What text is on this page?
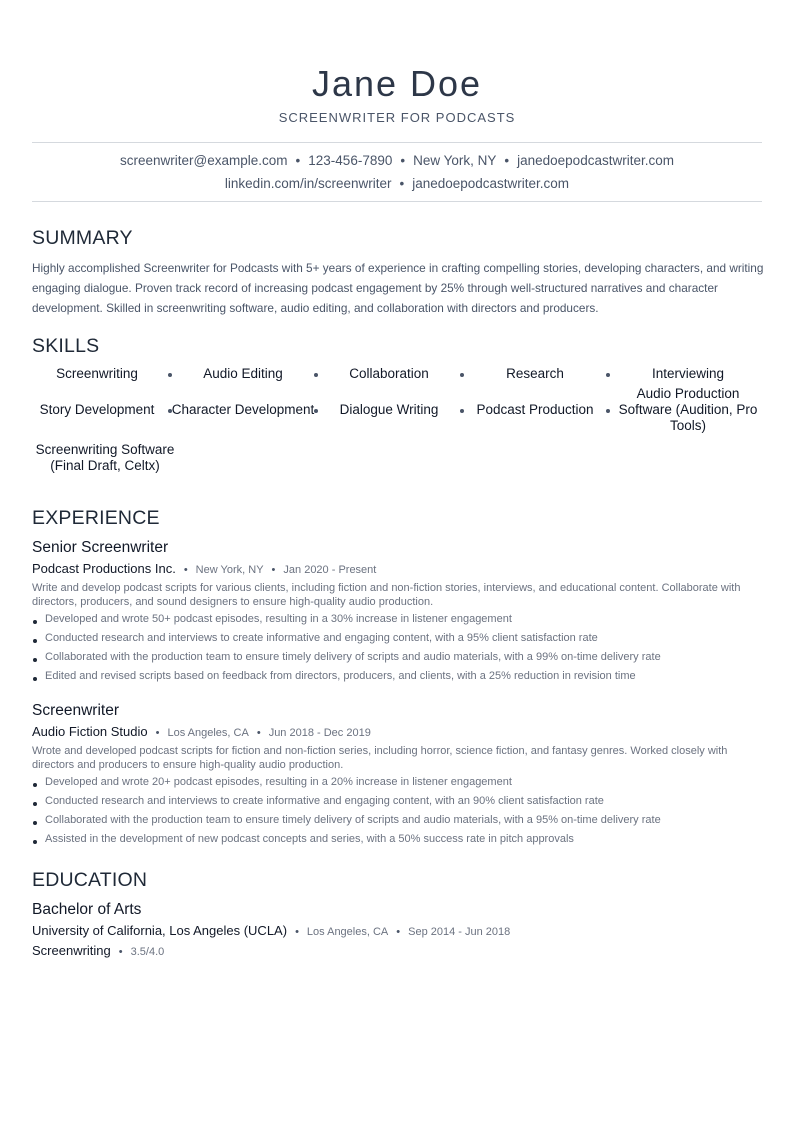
Jane Doe
SCREENWRITER FOR PODCASTS
screenwriter@example.com • 123-456-7890 • New York, NY • janedoepodcastwriter.com
linkedin.com/in/screenwriter • janedoepodcastwriter.com
SUMMARY
Highly accomplished Screenwriter for Podcasts with 5+ years of experience in crafting compelling stories, developing characters, and writing engaging dialogue. Proven track record of increasing podcast engagement by 25% through well-structured narratives and character development. Skilled in screenwriting software, audio editing, and collaboration with directors and producers.
SKILLS
Screenwriting	Audio Editing	Collaboration	Research	Interviewing
Story Development	Character Development	Dialogue Writing	Podcast Production
Audio Production Software (Audition, Pro Tools)
Screenwriting Software (Final Draft, Celtx)
EXPERIENCE
Senior Screenwriter
Podcast Productions Inc. • New York, NY • Jan 2020 - Present
Write and develop podcast scripts for various clients, including fiction and non-fiction stories, interviews, and educational content. Collaborate with directors, producers, and sound designers to ensure high-quality audio production.
Developed and wrote 50+ podcast episodes, resulting in a 30% increase in listener engagement
Conducted research and interviews to create informative and engaging content, with a 95% client satisfaction rate
Collaborated with the production team to ensure timely delivery of scripts and audio materials, with a 99% on-time delivery rate
Edited and revised scripts based on feedback from directors, producers, and clients, with a 25% reduction in revision time
Screenwriter
Audio Fiction Studio • Los Angeles, CA • Jun 2018 - Dec 2019
Wrote and developed podcast scripts for fiction and non-fiction series, including horror, science fiction, and fantasy genres. Worked closely with directors and producers to ensure high-quality audio production.
Developed and wrote 20+ podcast episodes, resulting in a 20% increase in listener engagement
Conducted research and interviews to create informative and engaging content, with an 90% client satisfaction rate
Collaborated with the production team to ensure timely delivery of scripts and audio materials, with a 95% on-time delivery rate
Assisted in the development of new podcast concepts and series, with a 50% success rate in pitch approvals
EDUCATION
Bachelor of Arts
University of California, Los Angeles (UCLA) • Los Angeles, CA • Sep 2014 - Jun 2018
Screenwriting • 3.5/4.0
